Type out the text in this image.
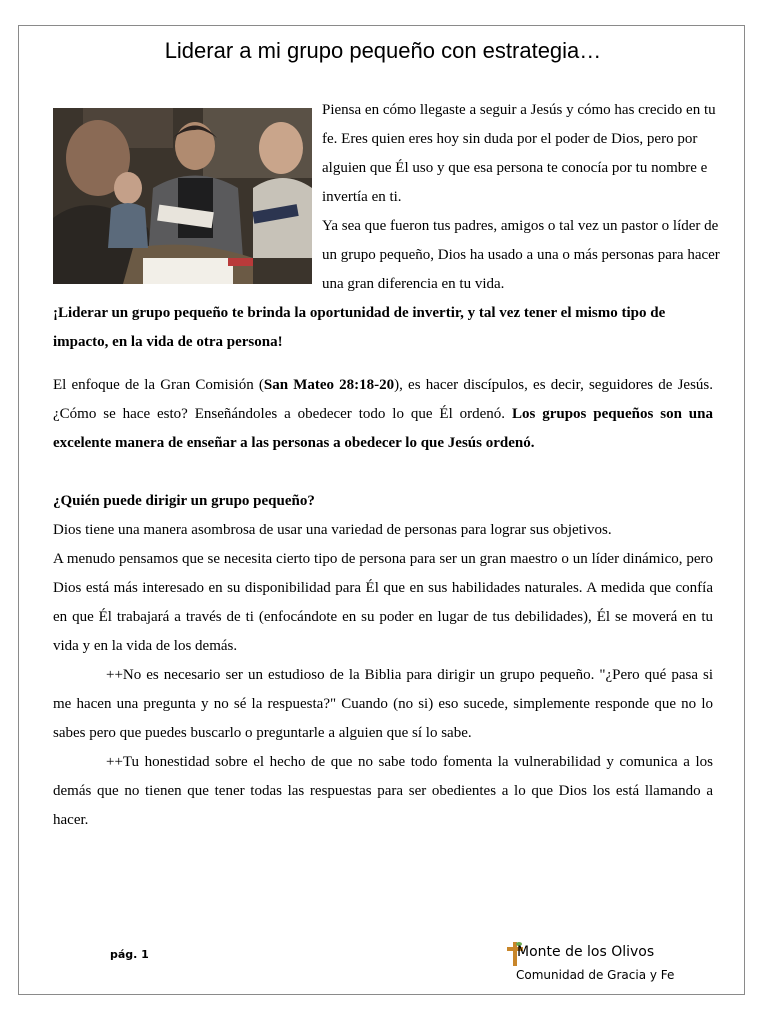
Liderar a mi grupo pequeño con estrategia…

Piensa en cómo llegaste a seguir a Jesús y cómo has crecido en tu fe. Eres quien eres hoy sin duda por el poder de Dios, pero por alguien que Él uso y que esa persona te conocía por tu nombre e invertía en ti.

Ya sea que fueron tus padres, amigos o tal vez un pastor o líder de un grupo pequeño, Dios ha usado a una o más personas para hacer una gran diferencia en tu vida.

¡Liderar un grupo pequeño te brinda la oportunidad de invertir, y tal vez tener el mismo tipo de impacto, en la vida de otra persona!

El enfoque de la Gran Comisión (San Mateo 28:18-20), es hacer discípulos, es decir, seguidores de Jesús. ¿Cómo se hace esto? Enseñándoles a obedecer todo lo que Él ordenó. Los grupos pequeños son una excelente manera de enseñar a las personas a obedecer lo que Jesús ordenó.

¿Quién puede dirigir un grupo pequeño?

Dios tiene una manera asombrosa de usar una variedad de personas para lograr sus objetivos.

A menudo pensamos que se necesita cierto tipo de persona para ser un gran maestro o un líder dinámico, pero Dios está más interesado en su disponibilidad para Él que en sus habilidades naturales. A medida que confía en que Él trabajará a través de ti (enfocándote en su poder en lugar de tus debilidades), Él se moverá en tu vida y en la vida de los demás.

++No es necesario ser un estudioso de la Biblia para dirigir un grupo pequeño. "¿Pero qué pasa si me hacen una pregunta y no sé la respuesta?" Cuando (no si) eso sucede, simplemente responde que no lo sabes pero que puedes buscarlo o preguntarle a alguien que sí lo sabe.

++Tu honestidad sobre el hecho de que no sabe todo fomenta la vulnerabilidad y comunica a los demás que no tienen que tener todas las respuestas para ser obedientes a lo que Dios los está llamando a hacer.

pág. 1	Monte de los Olivos
Comunidad de Gracia y Fe
